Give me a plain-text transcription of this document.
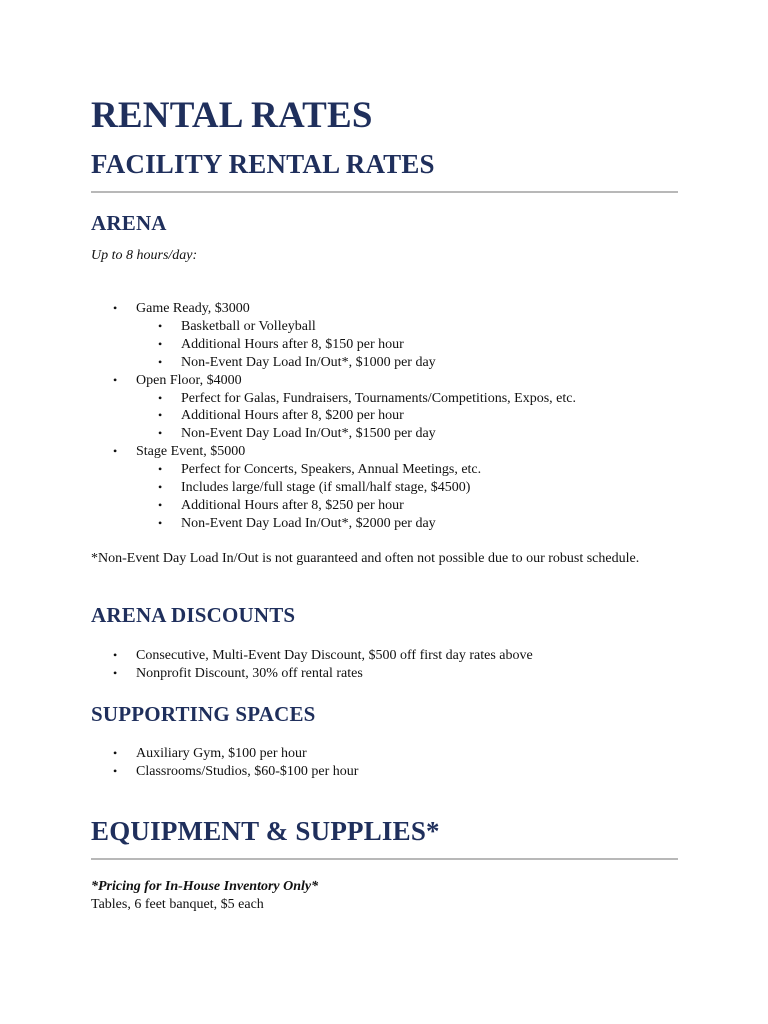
RENTAL RATES
FACILITY RENTAL RATES
ARENA
Up to 8 hours/day:
• Game Ready, $3000
• Basketball or Volleyball
• Additional Hours after 8, $150 per hour
• Non-Event Day Load In/Out*, $1000 per day
• Open Floor, $4000
• Perfect for Galas, Fundraisers, Tournaments/Competitions, Expos, etc.
• Additional Hours after 8, $200 per hour
• Non-Event Day Load In/Out*, $1500 per day
• Stage Event, $5000
• Perfect for Concerts, Speakers, Annual Meetings, etc.
• Includes large/full stage (if small/half stage, $4500)
• Additional Hours after 8, $250 per hour
• Non-Event Day Load In/Out*, $2000 per day
*Non-Event Day Load In/Out is not guaranteed and often not possible due to our robust schedule.
ARENA DISCOUNTS
• Consecutive, Multi-Event Day Discount, $500 off first day rates above
• Nonprofit Discount, 30% off rental rates
SUPPORTING SPACES
• Auxiliary Gym, $100 per hour
• Classrooms/Studios, $60-$100 per hour
EQUIPMENT & SUPPLIES*
*Pricing for In-House Inventory Only*
Tables, 6 feet banquet, $5 each
